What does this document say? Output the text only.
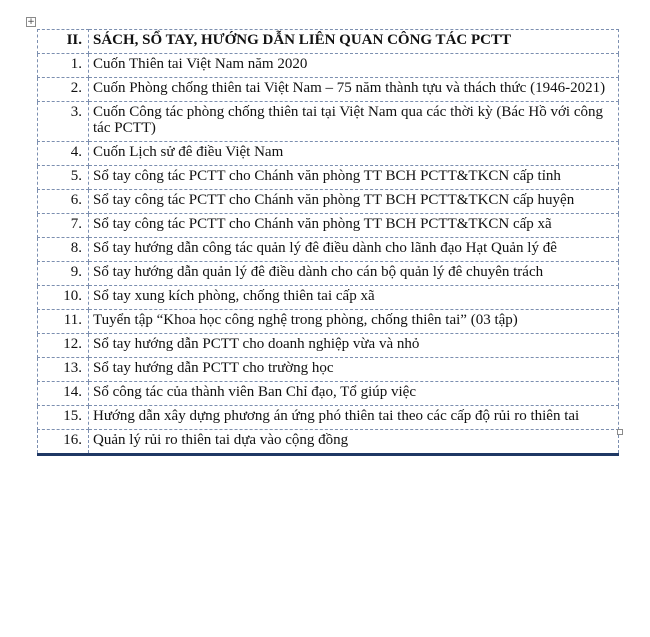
+
II.	SÁCH, SỔ TAY, HƯỚNG DẪN LIÊN QUAN CÔNG TÁC PCTT
1.	Cuốn Thiên tai Việt Nam năm 2020
2.	Cuốn Phòng chống thiên tai Việt Nam – 75 năm thành tựu và thách thức (1946-2021)
3.	Cuốn Công tác phòng chống thiên tai tại Việt Nam qua các thời kỳ (Bác Hồ với công tác PCTT)
4.	Cuốn Lịch sử đê điều Việt Nam
5.	Sổ tay công tác PCTT cho Chánh văn phòng TT BCH PCTT&TKCN cấp tỉnh
6.	Sổ tay công tác PCTT cho Chánh văn phòng TT BCH PCTT&TKCN cấp huyện
7.	Sổ tay công tác PCTT cho Chánh văn phòng TT BCH PCTT&TKCN cấp xã
8.	Sổ tay hướng dẫn công tác quản lý đê điều dành cho lãnh đạo Hạt Quản lý đê
9.	Sổ tay hướng dẫn quản lý đê điều dành cho cán bộ quản lý đê chuyên trách
10.	Sổ tay xung kích phòng, chống thiên tai cấp xã
11.	Tuyển tập “Khoa học công nghệ trong phòng, chống thiên tai” (03 tập)
12.	Sổ tay hướng dẫn PCTT cho doanh nghiệp vừa và nhỏ
13.	Sổ tay hướng dẫn PCTT cho trường học
14.	Sổ công tác của thành viên Ban Chỉ đạo, Tổ giúp việc
15.	Hướng dẫn xây dựng phương án ứng phó thiên tai theo các cấp độ rủi ro thiên tai
16.	Quản lý rủi ro thiên tai dựa vào cộng đồng
